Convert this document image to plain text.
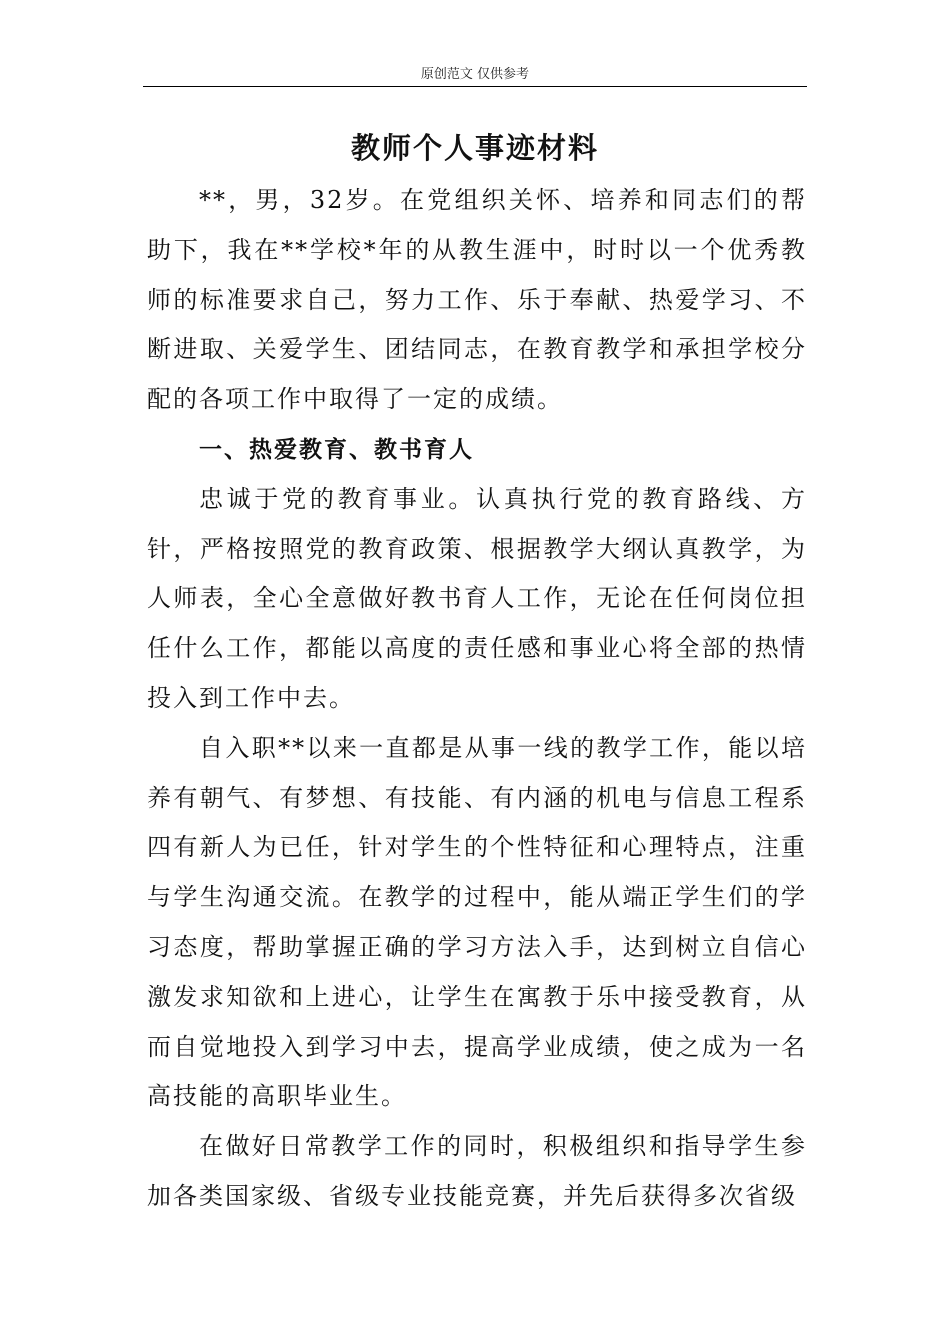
原创范文 仅供参考
教师个人事迹材料

**，男，32岁。在党组织关怀、培养和同志们的帮助下，我在**学校*年的从教生涯中，时时以一个优秀教师的标准要求自己，努力工作、乐于奉献、热爱学习、不断进取、关爱学生、团结同志，在教育教学和承担学校分配的各项工作中取得了一定的成绩。

一、热爱教育、教书育人

忠诚于党的教育事业。认真执行党的教育路线、方针，严格按照党的教育政策、根据教学大纲认真教学，为人师表，全心全意做好教书育人工作，无论在任何岗位担任什么工作，都能以高度的责任感和事业心将全部的热情投入到工作中去。

自入职**以来一直都是从事一线的教学工作，能以培养有朝气、有梦想、有技能、有内涵的机电与信息工程系四有新人为已任，针对学生的个性特征和心理特点，注重与学生沟通交流。在教学的过程中，能从端正学生们的学习态度，帮助掌握正确的学习方法入手，达到树立自信心激发求知欲和上进心，让学生在寓教于乐中接受教育，从而自觉地投入到学习中去，提高学业成绩，使之成为一名高技能的高职毕业生。

在做好日常教学工作的同时，积极组织和指导学生参加各类国家级、省级专业技能竞赛，并先后获得多次省级
